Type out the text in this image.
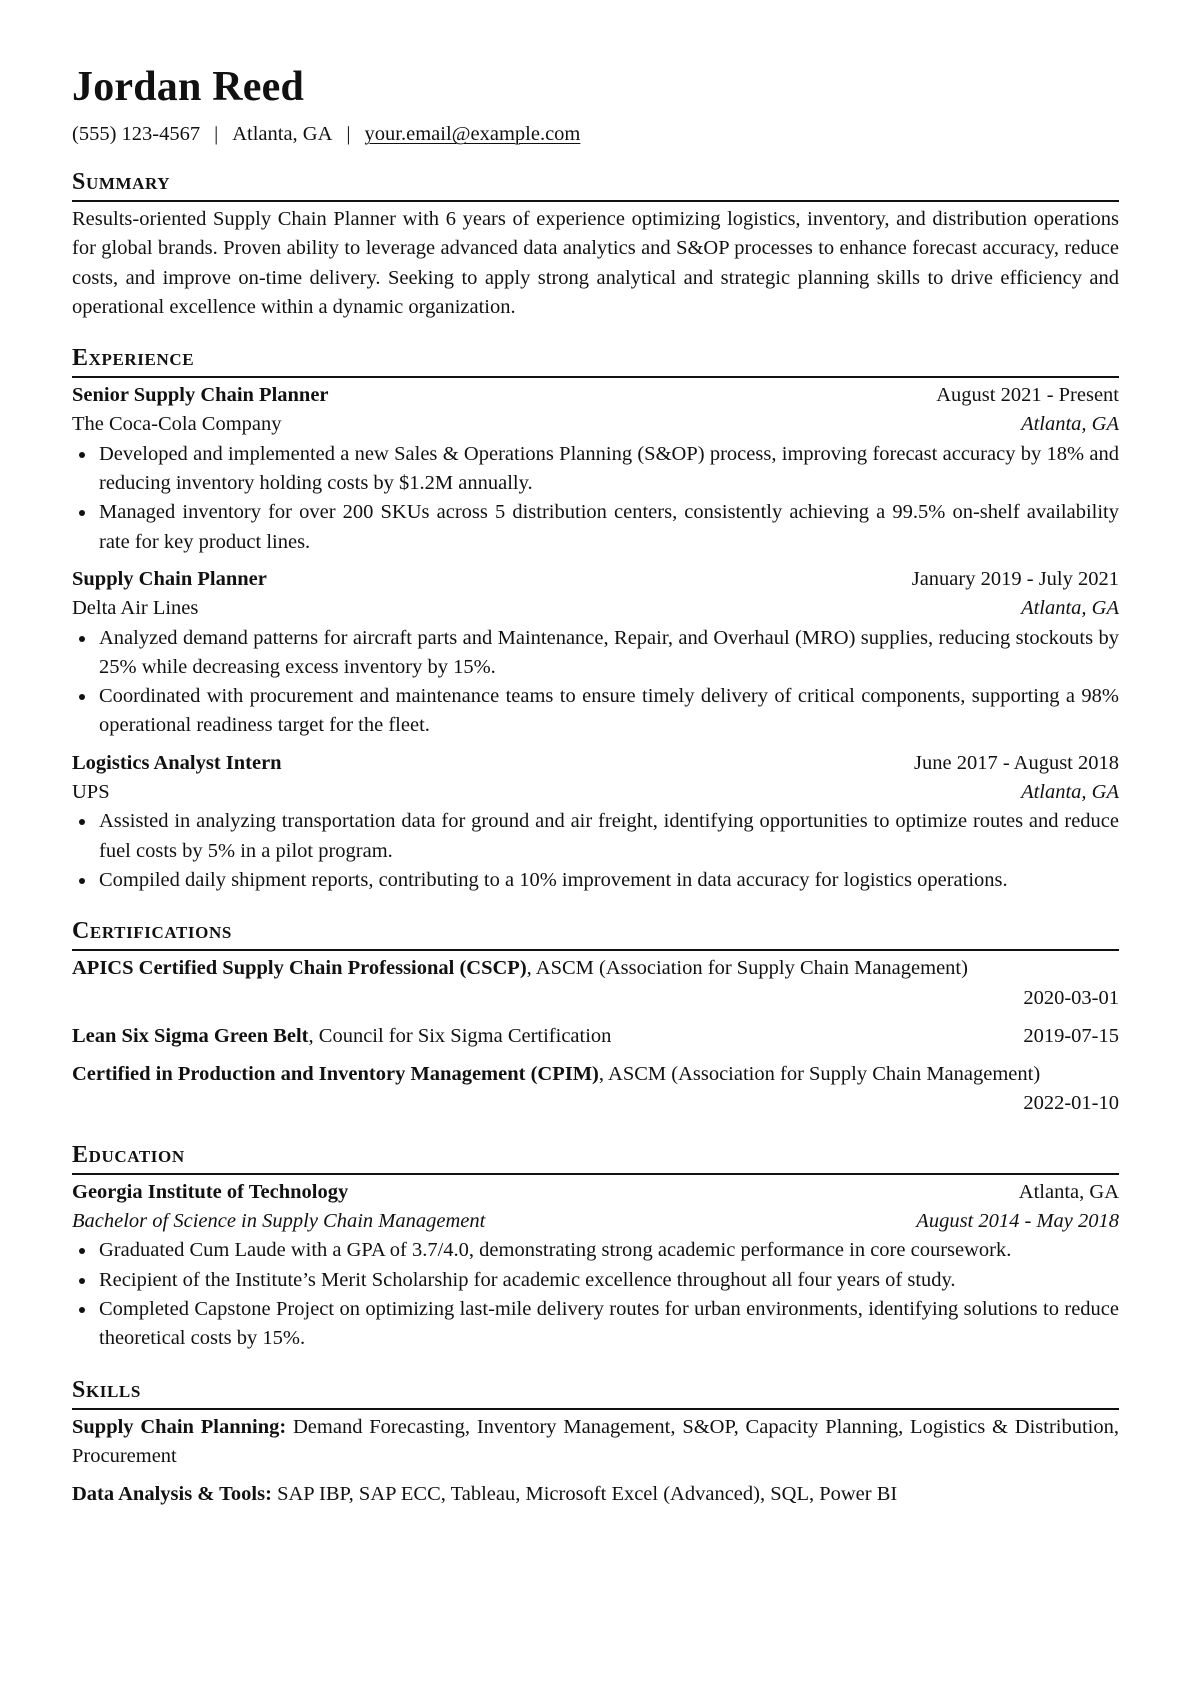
Jordan Reed
(555) 123-4567 | Atlanta, GA | your.email@example.com
Summary

Results-oriented Supply Chain Planner with 6 years of experience optimizing logistics, inventory, and distribution operations for global brands. Proven ability to leverage advanced data analytics and S&OP processes to enhance forecast accuracy, reduce costs, and improve on-time delivery. Seeking to apply strong analytical and strategic planning skills to drive efficiency and operational excellence within a dynamic organization.

Experience
Senior Supply Chain Planner	August 2021 - Present
The Coca-Cola Company	Atlanta, GA
Developed and implemented a new Sales & Operations Planning (S&OP) process, improving forecast accuracy by 18% and reducing inventory holding costs by $1.2M annually.
Managed inventory for over 200 SKUs across 5 distribution centers, consistently achieving a 99.5% on-shelf availability rate for key product lines.
Supply Chain Planner	January 2019 - July 2021
Delta Air Lines	Atlanta, GA
Analyzed demand patterns for aircraft parts and Maintenance, Repair, and Overhaul (MRO) supplies, reducing stockouts by 25% while decreasing excess inventory by 15%.
Coordinated with procurement and maintenance teams to ensure timely delivery of critical components, supporting a 98% operational readiness target for the fleet.
Logistics Analyst Intern	June 2017 - August 2018
UPS	Atlanta, GA
Assisted in analyzing transportation data for ground and air freight, identifying opportunities to optimize routes and reduce fuel costs by 5% in a pilot program.
Compiled daily shipment reports, contributing to a 10% improvement in data accuracy for logistics operations.
Certifications
APICS Certified Supply Chain Professional (CSCP), ASCM (Association for Supply Chain Management)
2020-03-01
Lean Six Sigma Green Belt, Council for Six Sigma Certification	2019-07-15
Certified in Production and Inventory Management (CPIM), ASCM (Association for Supply Chain Management)
2022-01-10
Education
Georgia Institute of Technology	Atlanta, GA
Bachelor of Science in Supply Chain Management	August 2014 - May 2018
Graduated Cum Laude with a GPA of 3.7/4.0, demonstrating strong academic performance in core coursework.
Recipient of the Institute’s Merit Scholarship for academic excellence throughout all four years of study.
Completed Capstone Project on optimizing last-mile delivery routes for urban environments, identifying solutions to reduce theoretical costs by 15%.
Skills
Supply Chain Planning: Demand Forecasting, Inventory Management, S&OP, Capacity Planning, Logistics & Distribution, Procurement
Data Analysis & Tools: SAP IBP, SAP ECC, Tableau, Microsoft Excel (Advanced), SQL, Power BI
